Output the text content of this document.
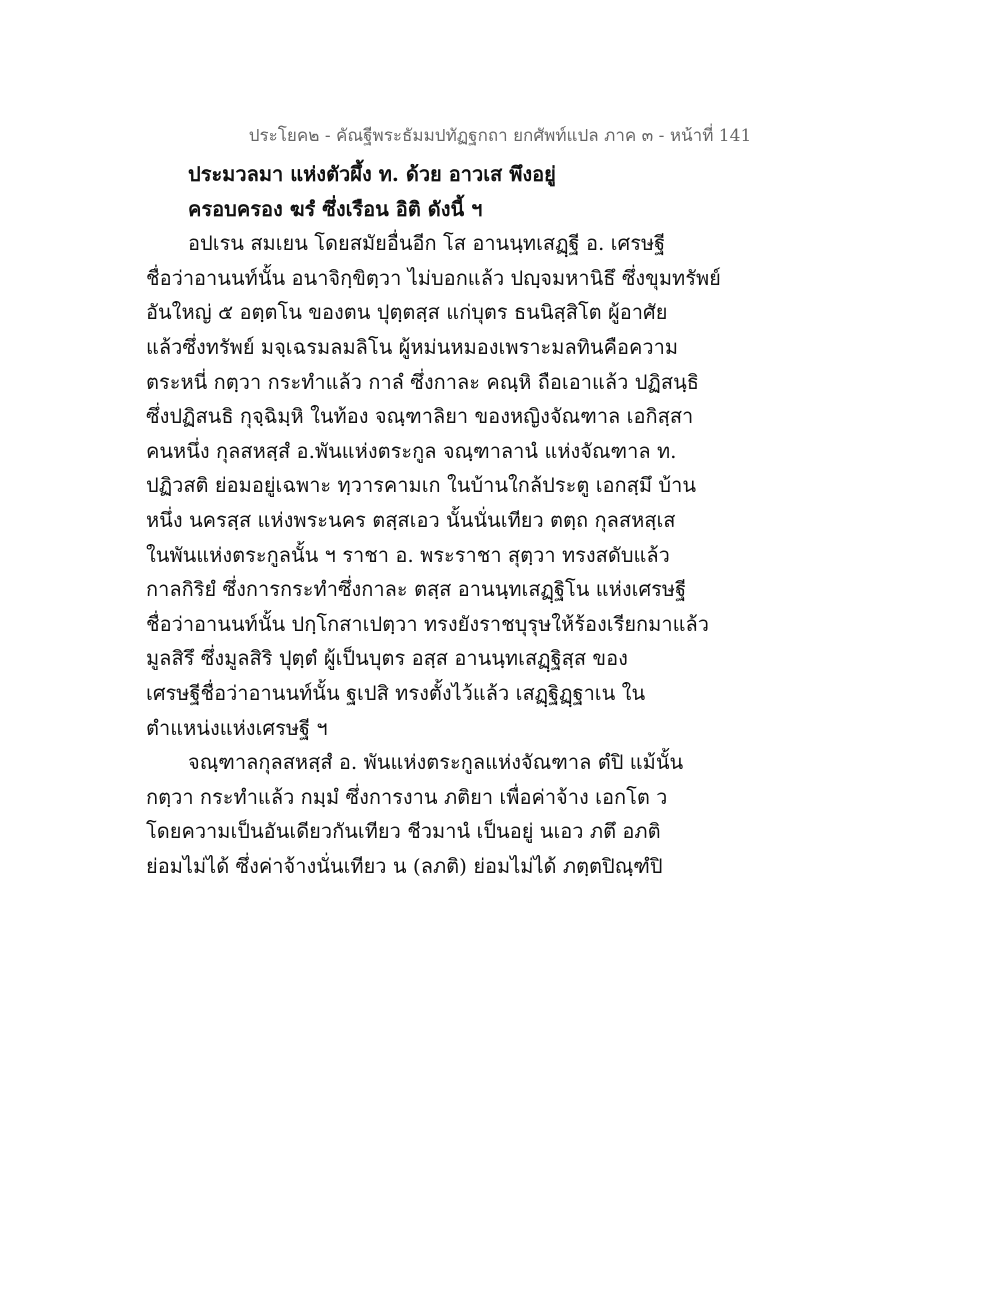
ประโยค๒ - คัณฐีพระธัมมปทัฏฐกถา ยกศัพท์แปล ภาค ๓ - หน้าที่ 141
ประมวลมา แห่งตัวผึ้ง ท. ด้วย อาวเส พึงอยู่
ครอบครอง ฆรํ ซึ่งเรือน อิติ ดังนี้ ฯ
อปเรน สมเยน โดยสมัยอื่นอีก โส อานนฺทเสฏฺฐี อ. เศรษฐี
ชื่อว่าอานนท์นั้น อนาจิกฺขิตฺวา ไม่บอกแล้ว ปญฺจมหานิธึ ซึ่งขุมทรัพย์
อันใหญ่ ๕ อตฺตโน ของตน ปุตฺตสฺส แก่บุตร ธนนิสฺสิโต ผู้อาศัย
แล้วซึ่งทรัพย์ มจฺเฉรมลมลิโน ผู้หม่นหมองเพราะมลทินคือความ
ตระหนี่ กตฺวา กระทำแล้ว กาลํ ซึ่งกาละ คณฺหิ ถือเอาแล้ว ปฏิสนฺธิ
ซึ่งปฏิสนธิ กุจฺฉิมฺหิ ในท้อง จณฺฑาลิยา ของหญิงจัณฑาล เอกิสฺสา
คนหนึ่ง กุลสหสฺสํ อ.พันแห่งตระกูล จณฺฑาลานํ แห่งจัณฑาล ท.
ปฏิวสติ ย่อมอยู่เฉพาะ ทฺวารคามเก ในบ้านใกล้ประตู เอกสฺมึ บ้าน
หนึ่ง นครสฺส แห่งพระนคร ตสฺสเอว นั้นนั่นเทียว ตตฺถ กุลสหสฺเส
ในพันแห่งตระกูลนั้น ฯ ราชา อ. พระราชา สุตฺวา ทรงสดับแล้ว
กาลกิริยํ ซึ่งการกระทำซึ่งกาละ ตสฺส อานนฺทเสฏฺฐิโน แห่งเศรษฐี
ชื่อว่าอานนท์นั้น ปกฺโกสาเปตฺวา ทรงยังราชบุรุษให้ร้องเรียกมาแล้ว
มูลสิรึ ซึ่งมูลสิริ ปุตฺตํ ผู้เป็นบุตร อสฺส อานนฺทเสฏฺฐิสฺส ของ
เศรษฐีชื่อว่าอานนท์นั้น ฐเปสิ ทรงตั้งไว้แล้ว เสฏฺฐิฏฺฐาเน ใน
ตำแหน่งแห่งเศรษฐี ฯ
จณฺฑาลกุลสหสฺสํ อ. พันแห่งตระกูลแห่งจัณฑาล ตํปิ แม้นั้น
กตฺวา กระทำแล้ว กมฺมํ ซึ่งการงาน ภติยา เพื่อค่าจ้าง เอกโต ว
โดยความเป็นอันเดียวกันเทียว ชีวมานํ เป็นอยู่ นเอว ภตึ อภติ
ย่อมไม่ได้ ซึ่งค่าจ้างนั่นเทียว น (ลภติ) ย่อมไม่ได้ ภตฺตปิณฺฑํปิ
